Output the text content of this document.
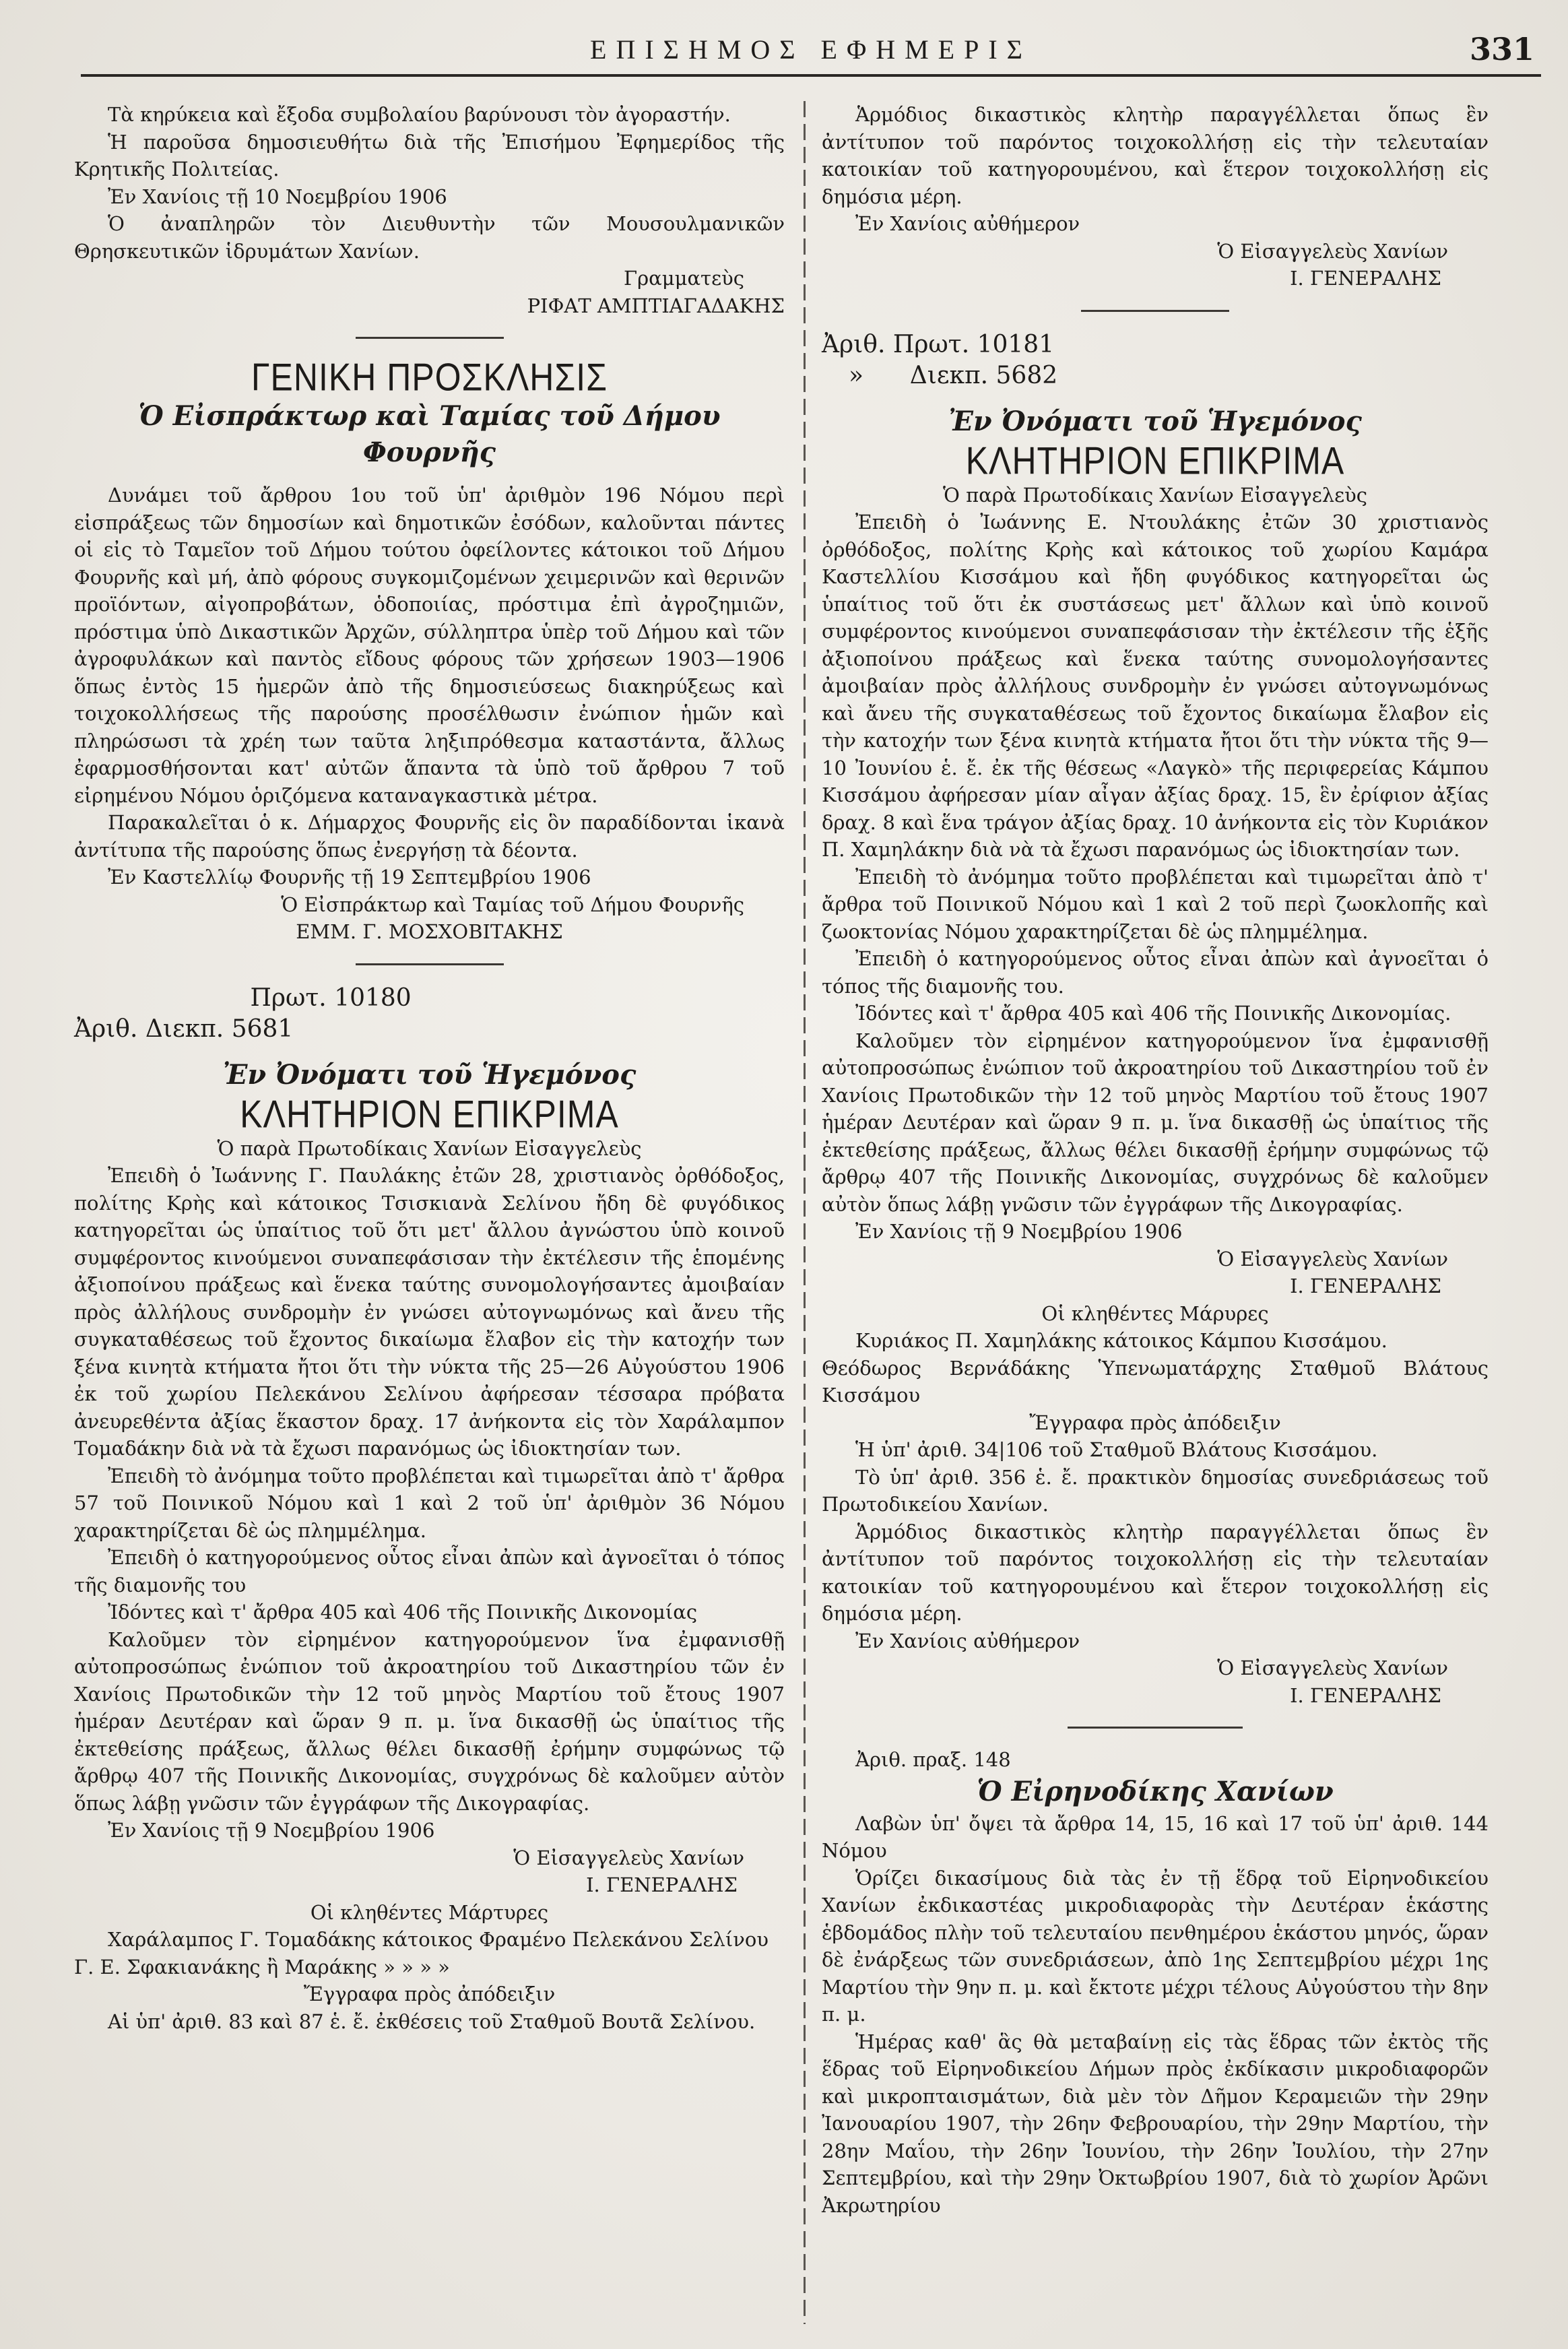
ΕΠΙΣΗΜΟΣ ΕΦΗΜΕΡΙΣ	331

Τὰ κηρύκεια καὶ ἔξοδα συμβολαίου βαρύνουσι τὸν ἀγοραστήν.

Ἡ παροῦσα δημοσιευθήτω διὰ τῆς Ἐπισήμου Ἐφημερίδος τῆς Κρητικῆς Πολιτείας.

Ἐν Χανίοις τῇ 10 Νοεμβρίου 1906

Ὁ ἀναπληρῶν τὸν Διευθυντὴν τῶν Μουσουλμανικῶν Θρησκευτικῶν ἱδρυμάτων Χανίων.

Γραμματεὺς

ΡΙΦΑΤ ΑΜΠΤΙΑΓΑΔΑΚΗΣ

ΓΕΝΙΚΗ ΠΡΟΣΚΛΗΣΙΣ

Ὁ Εἰσπράκτωρ καὶ Ταμίας τοῦ Δήμου

Φουρνῆς

Δυνάμει τοῦ ἄρθρου 1ου τοῦ ὑπ' ἀριθμὸν 196 Νόμου περὶ εἰσπράξεως τῶν δημοσίων καὶ δημοτικῶν ἐσόδων, καλοῦνται πάντες οἱ εἰς τὸ Ταμεῖον τοῦ Δήμου τούτου ὀφείλοντες κάτοικοι τοῦ Δήμου Φουρνῆς καὶ μή, ἀπὸ φόρους συγκομιζομένων χειμερινῶν καὶ θερινῶν προϊόντων, αἰγοπροβάτων, ὁδοποιίας, πρόστιμα ἐπὶ ἀγροζημιῶν, πρόστιμα ὑπὸ Δικαστικῶν Ἀρχῶν, σύλληπτρα ὑπὲρ τοῦ Δήμου καὶ τῶν ἀγροφυλάκων καὶ παντὸς εἴδους φόρους τῶν χρήσεων 1903—1906 ὅπως ἐντὸς 15 ἡμερῶν ἀπὸ τῆς δημοσιεύσεως διακηρύξεως καὶ τοιχοκολλήσεως τῆς παρούσης προσέλθωσιν ἐνώπιον ἡμῶν καὶ πληρώσωσι τὰ χρέη των ταῦτα ληξιπρόθεσμα καταστάντα, ἄλλως ἐφαρμοσθήσονται κατ' αὐτῶν ἅπαντα τὰ ὑπὸ τοῦ ἄρθρου 7 τοῦ εἰρημένου Νόμου ὁριζόμενα καταναγκαστικὰ μέτρα.

Παρακαλεῖται ὁ κ. Δήμαρχος Φουρνῆς εἰς ὃν παραδίδονται ἱκανὰ ἀντίτυπα τῆς παρούσης ὅπως ἐνεργήσῃ τὰ δέοντα.

Ἐν Καστελλίῳ Φουρνῆς τῇ 19 Σεπτεμβρίου 1906

Ὁ Εἰσπράκτωρ καὶ Ταμίας τοῦ Δήμου Φουρνῆς

ΕΜΜ. Γ. ΜΟΣΧΟΒΙΤΑΚΗΣ

Πρωτ. 10180
Ἀριθ. Διεκπ. 5681

Ἐν Ὀνόματι τοῦ Ἡγεμόνος

ΚΛΗΤΗΡΙΟΝ ΕΠΙΚΡΙΜΑ

Ὁ παρὰ Πρωτοδίκαις Χανίων Εἰσαγγελεὺς

Ἐπειδὴ ὁ Ἰωάννης Γ. Παυλάκης ἐτῶν 28, χριστιανὸς ὀρθόδοξος, πολίτης Κρὴς καὶ κάτοικος Τσισκιανὰ Σελίνου ἤδη δὲ φυγόδικος κατηγορεῖται ὡς ὑπαίτιος τοῦ ὅτι μετ' ἄλλου ἀγνώστου ὑπὸ κοινοῦ συμφέροντος κινούμενοι συναπεφάσισαν τὴν ἐκτέλεσιν τῆς ἑπομένης ἀξιοποίνου πράξεως καὶ ἕνεκα ταύτης συνομολογήσαντες ἀμοιβαίαν πρὸς ἀλλήλους συνδρομὴν ἐν γνώσει αὐτογνωμόνως καὶ ἄνευ τῆς συγκαταθέσεως τοῦ ἔχοντος δικαίωμα ἔλαβον εἰς τὴν κατοχήν των ξένα κινητὰ κτήματα ἤτοι ὅτι τὴν νύκτα τῆς 25—26 Αὐγούστου 1906 ἐκ τοῦ χωρίου Πελεκάνου Σελίνου ἀφήρεσαν τέσσαρα πρόβατα ἀνευρεθέντα ἀξίας ἕκαστον δραχ. 17 ἀνήκοντα εἰς τὸν Χαράλαμπον Τομαδάκην διὰ νὰ τὰ ἔχωσι παρανόμως ὡς ἰδιοκτησίαν των.

Ἐπειδὴ τὸ ἀνόμημα τοῦτο προβλέπεται καὶ τιμωρεῖται ἀπὸ τ' ἄρθρα 57 τοῦ Ποινικοῦ Νόμου καὶ 1 καὶ 2 τοῦ ὑπ' ἀριθμὸν 36 Νόμου χαρακτηρίζεται δὲ ὡς πλημμέλημα.

Ἐπειδὴ ὁ κατηγορούμενος οὗτος εἶναι ἀπὼν καὶ ἀγνοεῖται ὁ τόπος τῆς διαμονῆς του

Ἰδόντες καὶ τ' ἄρθρα 405 καὶ 406 τῆς Ποινικῆς Δικονομίας

Καλοῦμεν τὸν εἰρημένον κατηγορούμενον ἵνα ἐμφανισθῇ αὐτοπροσώπως ἐνώπιον τοῦ ἀκροατηρίου τοῦ Δικαστηρίου τῶν ἐν Χανίοις Πρωτοδικῶν τὴν 12 τοῦ μηνὸς Μαρτίου τοῦ ἔτους 1907 ἡμέραν Δευτέραν καὶ ὥραν 9 π. μ. ἵνα δικασθῇ ὡς ὑπαίτιος τῆς ἐκτεθείσης πράξεως, ἄλλως θέλει δικασθῇ ἐρήμην συμφώνως τῷ ἄρθρῳ 407 τῆς Ποινικῆς Δικονομίας, συγχρόνως δὲ καλοῦμεν αὐτὸν ὅπως λάβῃ γνῶσιν τῶν ἐγγράφων τῆς Δικογραφίας.

Ἐν Χανίοις τῇ 9 Νοεμβρίου 1906

Ὁ Εἰσαγγελεὺς Χανίων

Ι. ΓΕΝΕΡΑΛΗΣ

Οἱ κληθέντες Μάρτυρες

Χαράλαμπος Γ. Τομαδάκης κάτοικος Φραμένο Πελεκάνου Σελίνου

Γ. Ε. Σφακιανάκης ἢ Μαράκης » » » »

Ἔγγραφα πρὸς ἀπόδειξιν

Αἱ ὑπ' ἀριθ. 83 καὶ 87 ἑ. ἔ. ἐκθέσεις τοῦ Σταθμοῦ Βουτᾶ Σελίνου.

Ἁρμόδιος δικαστικὸς κλητὴρ παραγγέλλεται ὅπως ἓν ἀντίτυπον τοῦ παρόντος τοιχοκολλήσῃ εἰς τὴν τελευταίαν κατοικίαν τοῦ κατηγορουμένου, καὶ ἕτερον τοιχοκολλήσῃ εἰς δημόσια μέρη.

Ἐν Χανίοις αὐθήμερον

Ὁ Εἰσαγγελεὺς Χανίων

Ι. ΓΕΝΕΡΑΛΗΣ

Ἀριθ. Πρωτ. 10181
» Διεκπ. 5682

Ἐν Ὀνόματι τοῦ Ἡγεμόνος

ΚΛΗΤΗΡΙΟΝ ΕΠΙΚΡΙΜΑ

Ὁ παρὰ Πρωτοδίκαις Χανίων Εἰσαγγελεὺς

Ἐπειδὴ ὁ Ἰωάννης Ε. Ντουλάκης ἐτῶν 30 χριστιανὸς ὀρθόδοξος, πολίτης Κρὴς καὶ κάτοικος τοῦ χωρίου Καμάρα Καστελλίου Κισσάμου καὶ ἤδη φυγόδικος κατηγορεῖται ὡς ὑπαίτιος τοῦ ὅτι ἐκ συστάσεως μετ' ἄλλων καὶ ὑπὸ κοινοῦ συμφέροντος κινούμενοι συναπεφάσισαν τὴν ἐκτέλεσιν τῆς ἑξῆς ἀξιοποίνου πράξεως καὶ ἕνεκα ταύτης συνομολογήσαντες ἀμοιβαίαν πρὸς ἀλλήλους συνδρομὴν ἐν γνώσει αὐτογνωμόνως καὶ ἄνευ τῆς συγκαταθέσεως τοῦ ἔχοντος δικαίωμα ἔλαβον εἰς τὴν κατοχήν των ξένα κινητὰ κτήματα ἤτοι ὅτι τὴν νύκτα τῆς 9—10 Ἰουνίου ἑ. ἔ. ἐκ τῆς θέσεως «Λαγκὸ» τῆς περιφερείας Κάμπου Κισσάμου ἀφήρεσαν μίαν αἶγαν ἀξίας δραχ. 15, ἓν ἐρίφιον ἀξίας δραχ. 8 καὶ ἕνα τράγον ἀξίας δραχ. 10 ἀνήκοντα εἰς τὸν Κυριάκον Π. Χαμηλάκην διὰ νὰ τὰ ἔχωσι παρανόμως ὡς ἰδιοκτησίαν των.

Ἐπειδὴ τὸ ἀνόμημα τοῦτο προβλέπεται καὶ τιμωρεῖται ἀπὸ τ' ἄρθρα τοῦ Ποινικοῦ Νόμου καὶ 1 καὶ 2 τοῦ περὶ ζωοκλοπῆς καὶ ζωοκτονίας Νόμου χαρακτηρίζεται δὲ ὡς πλημμέλημα.

Ἐπειδὴ ὁ κατηγορούμενος οὗτος εἶναι ἀπὼν καὶ ἀγνοεῖται ὁ τόπος τῆς διαμονῆς του.

Ἰδόντες καὶ τ' ἄρθρα 405 καὶ 406 τῆς Ποινικῆς Δικονομίας.

Καλοῦμεν τὸν εἰρημένον κατηγορούμενον ἵνα ἐμφανισθῇ αὐτοπροσώπως ἐνώπιον τοῦ ἀκροατηρίου τοῦ Δικαστηρίου τοῦ ἐν Χανίοις Πρωτοδικῶν τὴν 12 τοῦ μηνὸς Μαρτίου τοῦ ἔτους 1907 ἡμέραν Δευτέραν καὶ ὥραν 9 π. μ. ἵνα δικασθῇ ὡς ὑπαίτιος τῆς ἐκτεθείσης πράξεως, ἄλλως θέλει δικασθῇ ἐρήμην συμφώνως τῷ ἄρθρῳ 407 τῆς Ποινικῆς Δικονομίας, συγχρόνως δὲ καλοῦμεν αὐτὸν ὅπως λάβῃ γνῶσιν τῶν ἐγγράφων τῆς Δικογραφίας.

Ἐν Χανίοις τῇ 9 Νοεμβρίου 1906

Ὁ Εἰσαγγελεὺς Χανίων

Ι. ΓΕΝΕΡΑΛΗΣ

Οἱ κληθέντες Μάρυρες

Κυριάκος Π. Χαμηλάκης κάτοικος Κάμπου Κισσάμου.

Θεόδωρος Βερνάδάκης Ὑπενωματάρχης Σταθμοῦ Βλάτους Κισσάμου

Ἔγγραφα πρὸς ἀπόδειξιν

Ἡ ὑπ' ἀριθ. 34|106 τοῦ Σταθμοῦ Βλάτους Κισσάμου.

Τὸ ὑπ' ἀριθ. 356 ἑ. ἔ. πρακτικὸν δημοσίας συνεδριάσεως τοῦ Πρωτοδικείου Χανίων.

Ἁρμόδιος δικαστικὸς κλητὴρ παραγγέλλεται ὅπως ἓν ἀντίτυπον τοῦ παρόντος τοιχοκολλήσῃ εἰς τὴν τελευταίαν κατοικίαν τοῦ κατηγορουμένου καὶ ἕτερον τοιχοκολλήσῃ εἰς δημόσια μέρη.

Ἐν Χανίοις αὐθήμερον

Ὁ Εἰσαγγελεὺς Χανίων

Ι. ΓΕΝΕΡΑΛΗΣ

Ἀριθ. πραξ. 148

Ὁ Εἰρηνοδίκης Χανίων

Λαβὼν ὑπ' ὄψει τὰ ἄρθρα 14, 15, 16 καὶ 17 τοῦ ὑπ' ἀριθ. 144 Νόμου

Ὁρίζει δικασίμους διὰ τὰς ἐν τῇ ἕδρᾳ τοῦ Εἰρηνοδικείου Χανίων ἐκδικαστέας μικροδιαφορὰς τὴν Δευτέραν ἑκάστης ἑβδομάδος πλὴν τοῦ τελευταίου πενθημέρου ἑκάστου μηνός, ὥραν δὲ ἐνάρξεως τῶν συνεδριάσεων, ἀπὸ 1ης Σεπτεμβρίου μέχρι 1ης Μαρτίου τὴν 9ην π. μ. καὶ ἔκτοτε μέχρι τέλους Αὐγούστου τὴν 8ην π. μ.

Ἡμέρας καθ' ἃς θὰ μεταβαίνῃ εἰς τὰς ἕδρας τῶν ἐκτὸς τῆς ἕδρας τοῦ Εἰρηνοδικείου Δήμων πρὸς ἐκδίκασιν μικροδιαφορῶν καὶ μικροπταισμάτων, διὰ μὲν τὸν Δῆμον Κεραμειῶν τὴν 29ην Ἰανουαρίου 1907, τὴν 26ην Φεβρουαρίου, τὴν 29ην Μαρτίου, τὴν 28ην Μαΐου, τὴν 26ην Ἰουνίου, τὴν 26ην Ἰουλίου, τὴν 27ην Σεπτεμβρίου, καὶ τὴν 29ην Ὀκτωβρίου 1907, διὰ τὸ χωρίον Ἀρῶνι Ἀκρωτηρίου
